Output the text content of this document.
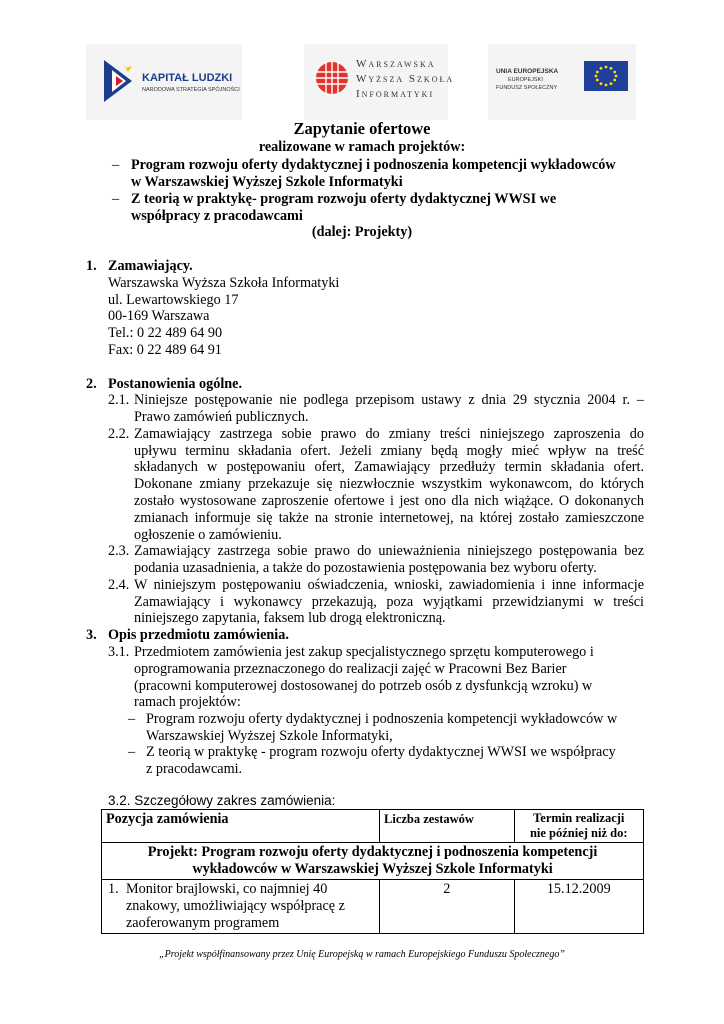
KAPITAŁ LUDZKI
NARODOWA STRATEGIA SPÓJNOŚCI
Warszawska
Wyższa Szkoła
Informatyki
UNIA EUROPEJSKA
EUROPEJSKI
FUNDUSZ SPOŁECZNY
Zapytanie ofertowe
realizowane w ramach projektów:
– Program rozwoju oferty dydaktycznej i podnoszenia kompetencji wykładowców
w Warszawskiej Wyższej Szkole Informatyki
– Z teorią w praktykę- program rozwoju oferty dydaktycznej WWSI we
współpracy z pracodawcami
(dalej: Projekty)
1. Zamawiający.
Warszawska Wyższa Szkoła Informatyki
ul. Lewartowskiego 17
00-169 Warszawa
Tel.: 0 22 489 64 90
Fax: 0 22 489 64 91
2. Postanowienia ogólne.
2.1. Niniejsze postępowanie nie podlega przepisom ustawy z dnia 29 stycznia 2004 r. –
Prawo zamówień publicznych.
2.2. Zamawiający zastrzega sobie prawo do zmiany treści niniejszego zaproszenia do
upływu terminu składania ofert. Jeżeli zmiany będą mogły mieć wpływ na treść
składanych w postępowaniu ofert, Zamawiający przedłuży termin składania ofert.
Dokonane zmiany przekazuje się niezwłocznie wszystkim wykonawcom, do których
zostało wystosowane zaproszenie ofertowe i jest ono dla nich wiążące. O dokonanych
zmianach informuje się także na stronie internetowej, na której zostało zamieszczone
ogłoszenie o zamówieniu.
2.3. Zamawiający zastrzega sobie prawo do unieważnienia niniejszego postępowania bez
podania uzasadnienia, a także do pozostawienia postępowania bez wyboru oferty.
2.4. W niniejszym postępowaniu oświadczenia, wnioski, zawiadomienia i inne informacje
Zamawiający i wykonawcy przekazują, poza wyjątkami przewidzianymi w treści
niniejszego zapytania, faksem lub drogą elektroniczną.
3. Opis przedmiotu zamówienia.
3.1. Przedmiotem zamówienia jest zakup specjalistycznego sprzętu komputerowego i
oprogramowania przeznaczonego do realizacji zajęć w Pracowni Bez Barier
(pracowni komputerowej dostosowanej do potrzeb osób z dysfunkcją wzroku) w
ramach projektów:
– Program rozwoju oferty dydaktycznej i podnoszenia kompetencji wykładowców w
Warszawskiej Wyższej Szkole Informatyki,
– Z teorią w praktykę - program rozwoju oferty dydaktycznej WWSI we współpracy
z pracodawcami.
3.2. Szczegółowy zakres zamówienia:
Pozycja zamówienia	Liczba zestawów	Termin realizacji
nie później niż do:

Projekt: Program rozwoju oferty dydaktycznej i podnoszenia kompetencji
wykładowców w Warszawskiej Wyższej Szkole Informatyki		

1. Monitor brajlowski, co najmniej 40
znakowy, umożliwiający współpracę z
zaoferowanym programem	2	15.12.2009
„Projekt współfinansowany przez Unię Europejską w ramach Europejskiego Funduszu Społecznego”
